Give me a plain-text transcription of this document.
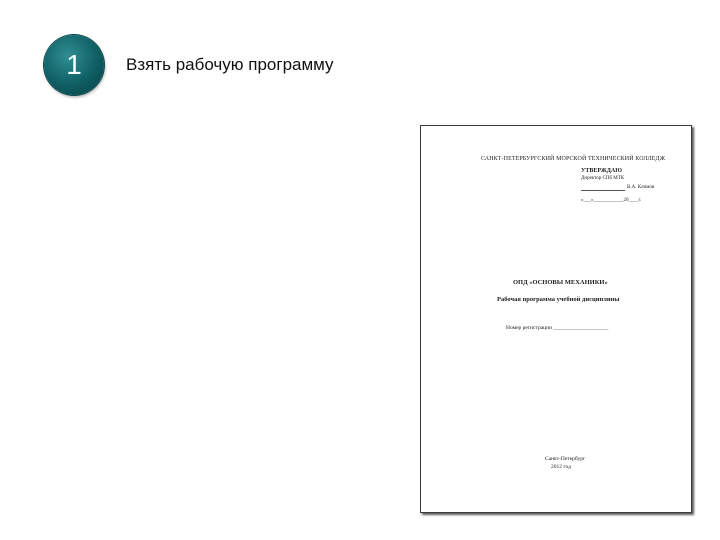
1	Взять рабочую программу
САНКТ-ПЕТЕРБУРГСКИЙ МОРСКОЙ ТЕХНИЧЕСКИЙ КОЛЛЕДЖ
УТВЕРЖДАЮ
Директор СПб МТК
В.А. Климов
«___»____________20____г.
ОПД «ОСНОВЫ МЕХАНИКИ»
Рабочая программа учебной дисциплины
Номер регистрации ____________________
Санкт-Петербург
2012 год
